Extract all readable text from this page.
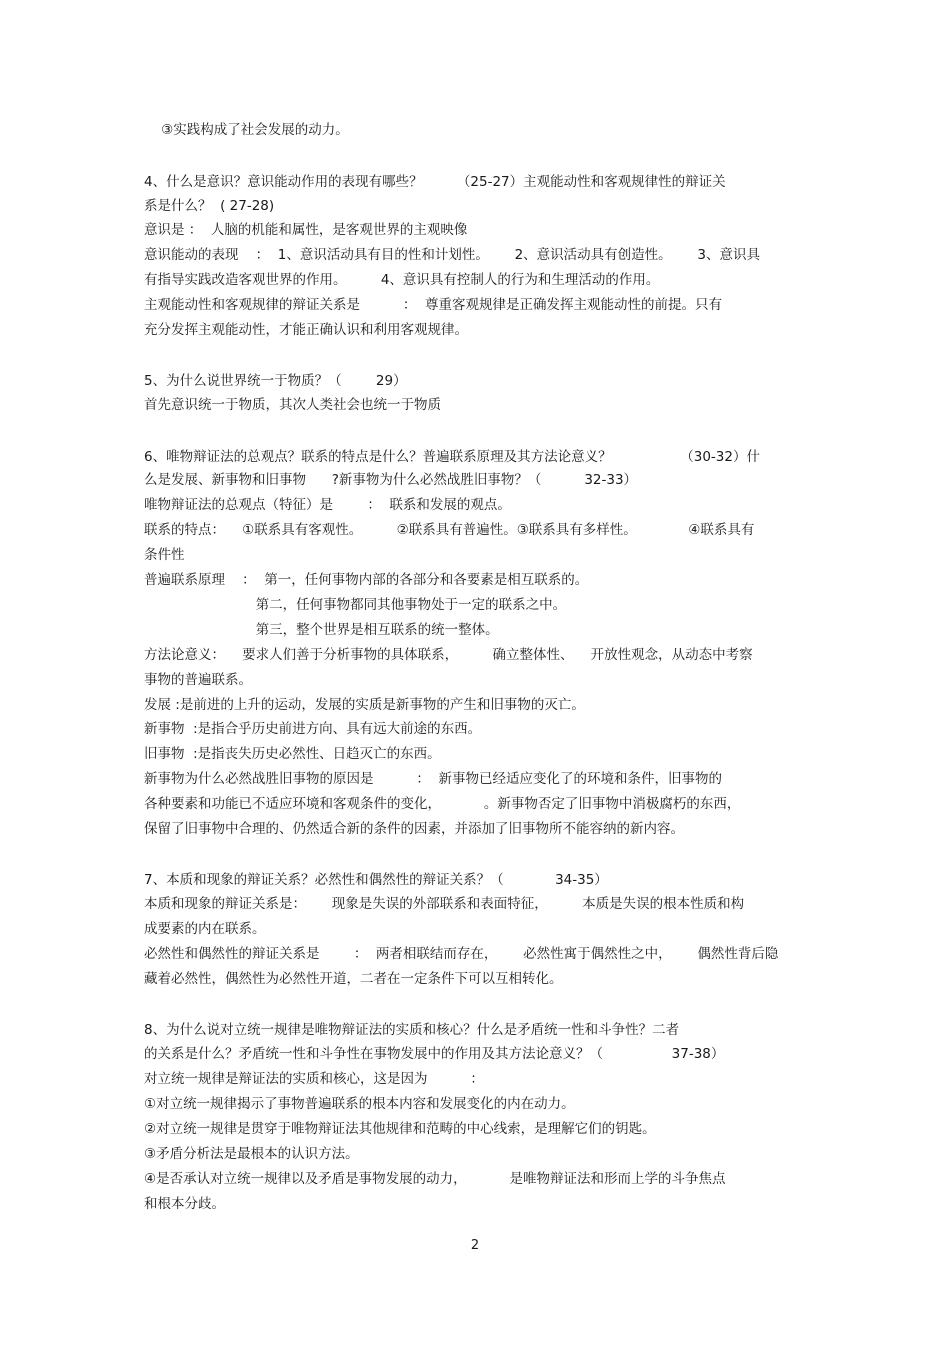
③实践构成了社会发展的动力。
4、什么是意识？意识能动作用的表现有哪些？        （25-27）主观能动性和客观规律性的辩证关
系是什么？  ( 27-28)
意识是 ：  人脑的机能和属性，是客观世界的主观映像
意识能动的表现    ：  1、意识活动具有目的性和计划性。      2、意识活动具有创造性。      3、意识具
有指导实践改造客观世界的作用。        4、意识具有控制人的行为和生理活动的作用。
主观能动性和客观规律的辩证关系是          ：  尊重客观规律是正确发挥主观能动性的前提。只有
充分发挥主观能动性，才能正确认识和利用客观规律。
5、为什么说世界统一于物质？（        29）
首先意识统一于物质，其次人类社会也统一于物质
6、唯物辩证法的总观点？联系的特点是什么？普遍联系原理及其方法论意义？                （30-32）什
么是发展、新事物和旧事物      ?新事物为什么必然战胜旧事物？（          32-33）
唯物辩证法的总观点（特征）是        ：  联系和发展的观点。
联系的特点：    ①联系具有客观性。        ②联系具有普遍性。③联系具有多样性。            ④联系具有
条件性
普遍联系原理    ：  第一，任何事物内部的各部分和各要素是相互联系的。
第二，任何事物都同其他事物处于一定的联系之中。
第三，整个世界是相互联系的统一整体。
方法论意义：    要求人们善于分析事物的具体联系，        确立整体性、    开放性观念，从动态中考察
事物的普遍联系。
发展 :是前进的上升的运动，发展的实质是新事物的产生和旧事物的灭亡。
新事物  :是指合乎历史前进方向、具有远大前途的东西。
旧事物  :是指丧失历史必然性、日趋灭亡的东西。
新事物为什么必然战胜旧事物的原因是          ：  新事物已经适应变化了的环境和条件，旧事物的
各种要素和功能已不适应环境和客观条件的变化，          。新事物否定了旧事物中消极腐朽的东西，
保留了旧事物中合理的、仍然适合新的条件的因素，并添加了旧事物所不能容纳的新内容。
7、本质和现象的辩证关系？必然性和偶然性的辩证关系？（            34-35）
本质和现象的辩证关系是：      现象是失误的外部联系和表面特征，        本质是失误的根本性质和构
成要素的内在联系。
必然性和偶然性的辩证关系是        ：  两者相联结而存在，      必然性寓于偶然性之中，      偶然性背后隐
藏着必然性，偶然性为必然性开道，二者在一定条件下可以互相转化。
8、为什么说对立统一规律是唯物辩证法的实质和核心？什么是矛盾统一性和斗争性？二者
的关系是什么？矛盾统一性和斗争性在事物发展中的作用及其方法论意义？（                37-38）
对立统一规律是辩证法的实质和核心，这是因为          ：
①对立统一规律揭示了事物普遍联系的根本内容和发展变化的内在动力。
②对立统一规律是贯穿于唯物辩证法其他规律和范畴的中心线索，是理解它们的钥匙。
③矛盾分析法是最根本的认识方法。
④是否承认对立统一规律以及矛盾是事物发展的动力，          是唯物辩证法和形而上学的斗争焦点
和根本分歧。
2
